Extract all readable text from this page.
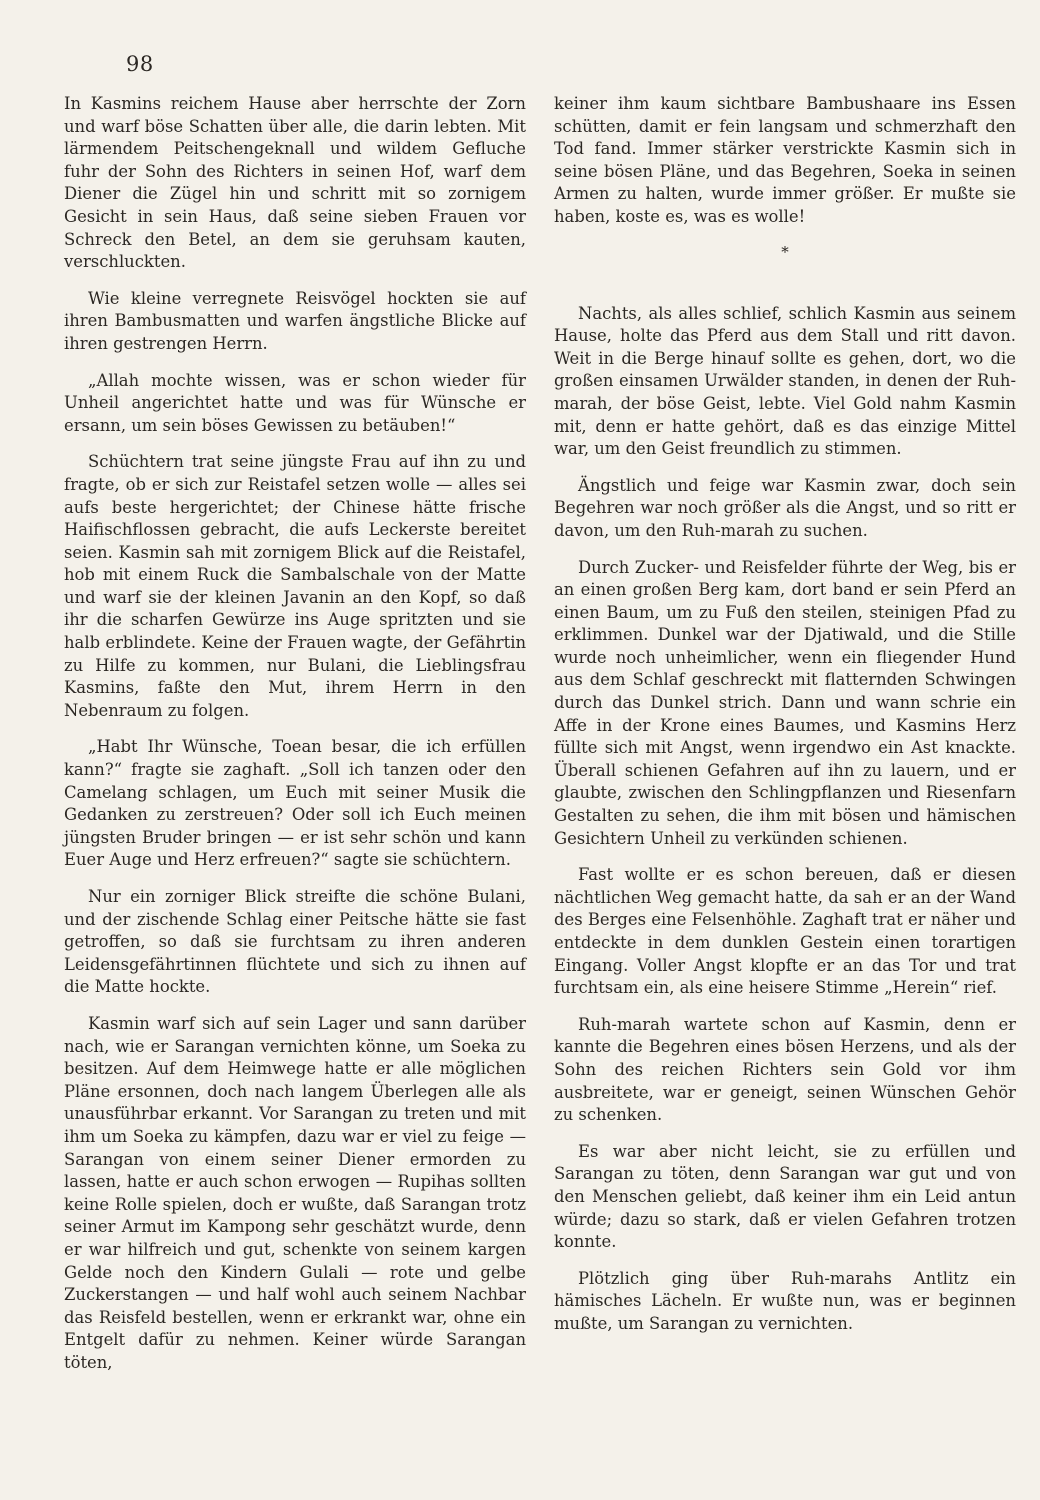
98

In Kasmins reichem Hause aber herrschte der Zorn und warf böse Schatten über alle, die darin lebten. Mit lärmendem Peitschengeknall und wildem Gefluche fuhr der Sohn des Richters in seinen Hof, warf dem Diener die Zügel hin und schritt mit so zornigem Gesicht in sein Haus, daß seine sieben Frauen vor Schreck den Betel, an dem sie geruhsam kauten, verschluckten.

Wie kleine verregnete Reisvögel hockten sie auf ihren Bambusmatten und warfen ängstliche Blicke auf ihren gestrengen Herrn.

„Allah mochte wissen, was er schon wieder für Unheil angerichtet hatte und was für Wünsche er ersann, um sein böses Gewissen zu betäuben!“

Schüchtern trat seine jüngste Frau auf ihn zu und fragte, ob er sich zur Reistafel setzen wolle — alles sei aufs beste hergerichtet; der Chinese hätte frische Haifischflossen gebracht, die aufs Leckerste bereitet seien. Kasmin sah mit zornigem Blick auf die Reistafel, hob mit einem Ruck die Sambalschale von der Matte und warf sie der kleinen Javanin an den Kopf, so daß ihr die scharfen Gewürze ins Auge spritzten und sie halb erblindete. Keine der Frauen wagte, der Gefährtin zu Hilfe zu kommen, nur Bulani, die Lieblingsfrau Kasmins, faßte den Mut, ihrem Herrn in den Nebenraum zu folgen.

„Habt Ihr Wünsche, Toean besar, die ich erfüllen kann?“ fragte sie zaghaft. „Soll ich tanzen oder den Camelang schlagen, um Euch mit seiner Musik die Gedanken zu zerstreuen? Oder soll ich Euch meinen jüngsten Bruder bringen — er ist sehr schön und kann Euer Auge und Herz erfreuen?“ sagte sie schüchtern.

Nur ein zorniger Blick streifte die schöne Bulani, und der zischende Schlag einer Peitsche hätte sie fast getroffen, so daß sie furchtsam zu ihren anderen Leidensgefährtinnen flüchtete und sich zu ihnen auf die Matte hockte.

Kasmin warf sich auf sein Lager und sann darüber nach, wie er Sarangan vernichten könne, um Soeka zu besitzen. Auf dem Heimwege hatte er alle möglichen Pläne ersonnen, doch nach langem Überlegen alle als unausführbar erkannt. Vor Sarangan zu treten und mit ihm um Soeka zu kämpfen, dazu war er viel zu feige — Sarangan von einem seiner Diener ermorden zu lassen, hatte er auch schon erwogen — Rupihas sollten keine Rolle spielen, doch er wußte, daß Sarangan trotz seiner Armut im Kampong sehr geschätzt wurde, denn er war hilfreich und gut, schenkte von seinem kargen Gelde noch den Kindern Gulali — rote und gelbe Zuckerstangen — und half wohl auch seinem Nachbar das Reisfeld bestellen, wenn er erkrankt war, ohne ein Entgelt dafür zu nehmen. Keiner würde Sarangan töten,

keiner ihm kaum sichtbare Bambushaare ins Essen schütten, damit er fein langsam und schmerzhaft den Tod fand. Immer stärker verstrickte Kasmin sich in seine bösen Pläne, und das Begehren, Soeka in seinen Armen zu halten, wurde immer größer. Er mußte sie haben, koste es, was es wolle!

*

Nachts, als alles schlief, schlich Kasmin aus seinem Hause, holte das Pferd aus dem Stall und ritt davon. Weit in die Berge hinauf sollte es gehen, dort, wo die großen einsamen Urwälder standen, in denen der Ruh-marah, der böse Geist, lebte. Viel Gold nahm Kasmin mit, denn er hatte gehört, daß es das einzige Mittel war, um den Geist freundlich zu stimmen.

Ängstlich und feige war Kasmin zwar, doch sein Begehren war noch größer als die Angst, und so ritt er davon, um den Ruh-marah zu suchen.

Durch Zucker- und Reisfelder führte der Weg, bis er an einen großen Berg kam, dort band er sein Pferd an einen Baum, um zu Fuß den steilen, steinigen Pfad zu erklimmen. Dunkel war der Djatiwald, und die Stille wurde noch unheimlicher, wenn ein fliegender Hund aus dem Schlaf geschreckt mit flatternden Schwingen durch das Dunkel strich. Dann und wann schrie ein Affe in der Krone eines Baumes, und Kasmins Herz füllte sich mit Angst, wenn irgendwo ein Ast knackte. Überall schienen Gefahren auf ihn zu lauern, und er glaubte, zwischen den Schlingpflanzen und Riesenfarn Gestalten zu sehen, die ihm mit bösen und hämischen Gesichtern Unheil zu verkünden schienen.

Fast wollte er es schon bereuen, daß er diesen nächtlichen Weg gemacht hatte, da sah er an der Wand des Berges eine Felsenhöhle. Zaghaft trat er näher und entdeckte in dem dunklen Gestein einen torartigen Eingang. Voller Angst klopfte er an das Tor und trat furchtsam ein, als eine heisere Stimme „Herein“ rief.

Ruh-marah wartete schon auf Kasmin, denn er kannte die Begehren eines bösen Herzens, und als der Sohn des reichen Richters sein Gold vor ihm ausbreitete, war er geneigt, seinen Wünschen Gehör zu schenken.

Es war aber nicht leicht, sie zu erfüllen und Sarangan zu töten, denn Sarangan war gut und von den Menschen geliebt, daß keiner ihm ein Leid antun würde; dazu so stark, daß er vielen Gefahren trotzen konnte.

Plötzlich ging über Ruh-marahs Antlitz ein hämisches Lächeln. Er wußte nun, was er beginnen mußte, um Sarangan zu vernichten.
